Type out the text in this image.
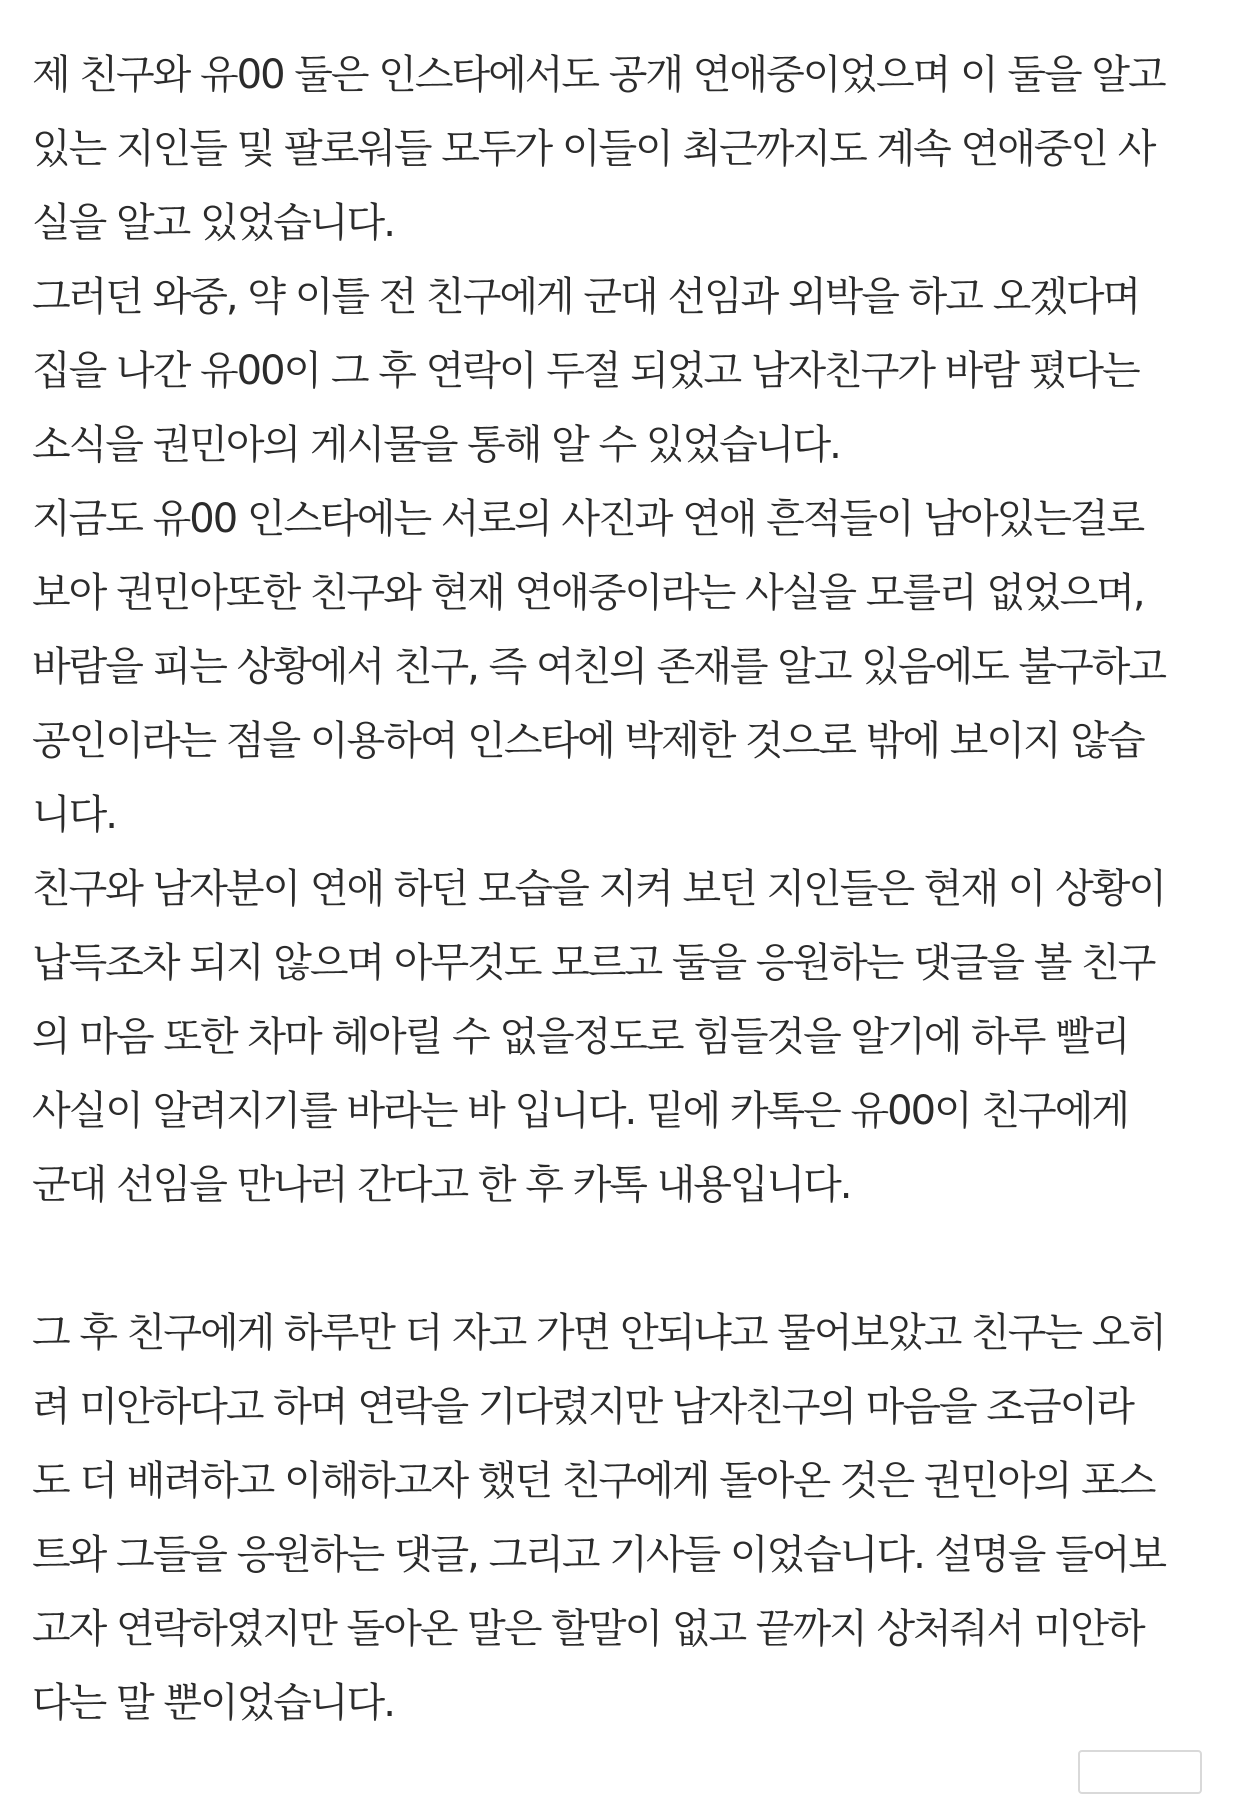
제 친구와 유00 둘은 인스타에서도 공개 연애중이었으며 이 둘을 알고
있는 지인들 및 팔로워들 모두가 이들이 최근까지도 계속 연애중인 사
실을 알고 있었습니다.
그러던 와중, 약 이틀 전 친구에게 군대 선임과 외박을 하고 오겠다며
집을 나간 유00이 그 후 연락이 두절 되었고 남자친구가 바람 폈다는
소식을 권민아의 게시물을 통해 알 수 있었습니다.
지금도 유00 인스타에는 서로의 사진과 연애 흔적들이 남아있는걸로
보아 권민아또한 친구와 현재 연애중이라는 사실을 모를리 없었으며,
바람을 피는 상황에서 친구, 즉 여친의 존재를 알고 있음에도 불구하고
공인이라는 점을 이용하여 인스타에 박제한 것으로 밖에 보이지 않습
니다.
친구와 남자분이 연애 하던 모습을 지켜 보던 지인들은 현재 이 상황이
납득조차 되지 않으며 아무것도 모르고 둘을 응원하는 댓글을 볼 친구
의 마음 또한 차마 헤아릴 수 없을정도로 힘들것을 알기에 하루 빨리
사실이 알려지기를 바라는 바 입니다. 밑에 카톡은 유00이 친구에게
군대 선임을 만나러 간다고 한 후 카톡 내용입니다.
그 후 친구에게 하루만 더 자고 가면 안되냐고 물어보았고 친구는 오히
려 미안하다고 하며 연락을 기다렸지만 남자친구의 마음을 조금이라
도 더 배려하고 이해하고자 했던 친구에게 돌아온 것은 권민아의 포스
트와 그들을 응원하는 댓글, 그리고 기사들 이었습니다. 설명을 들어보
고자 연락하였지만 돌아온 말은 할말이 없고 끝까지 상처줘서 미안하
다는 말 뿐이었습니다.
